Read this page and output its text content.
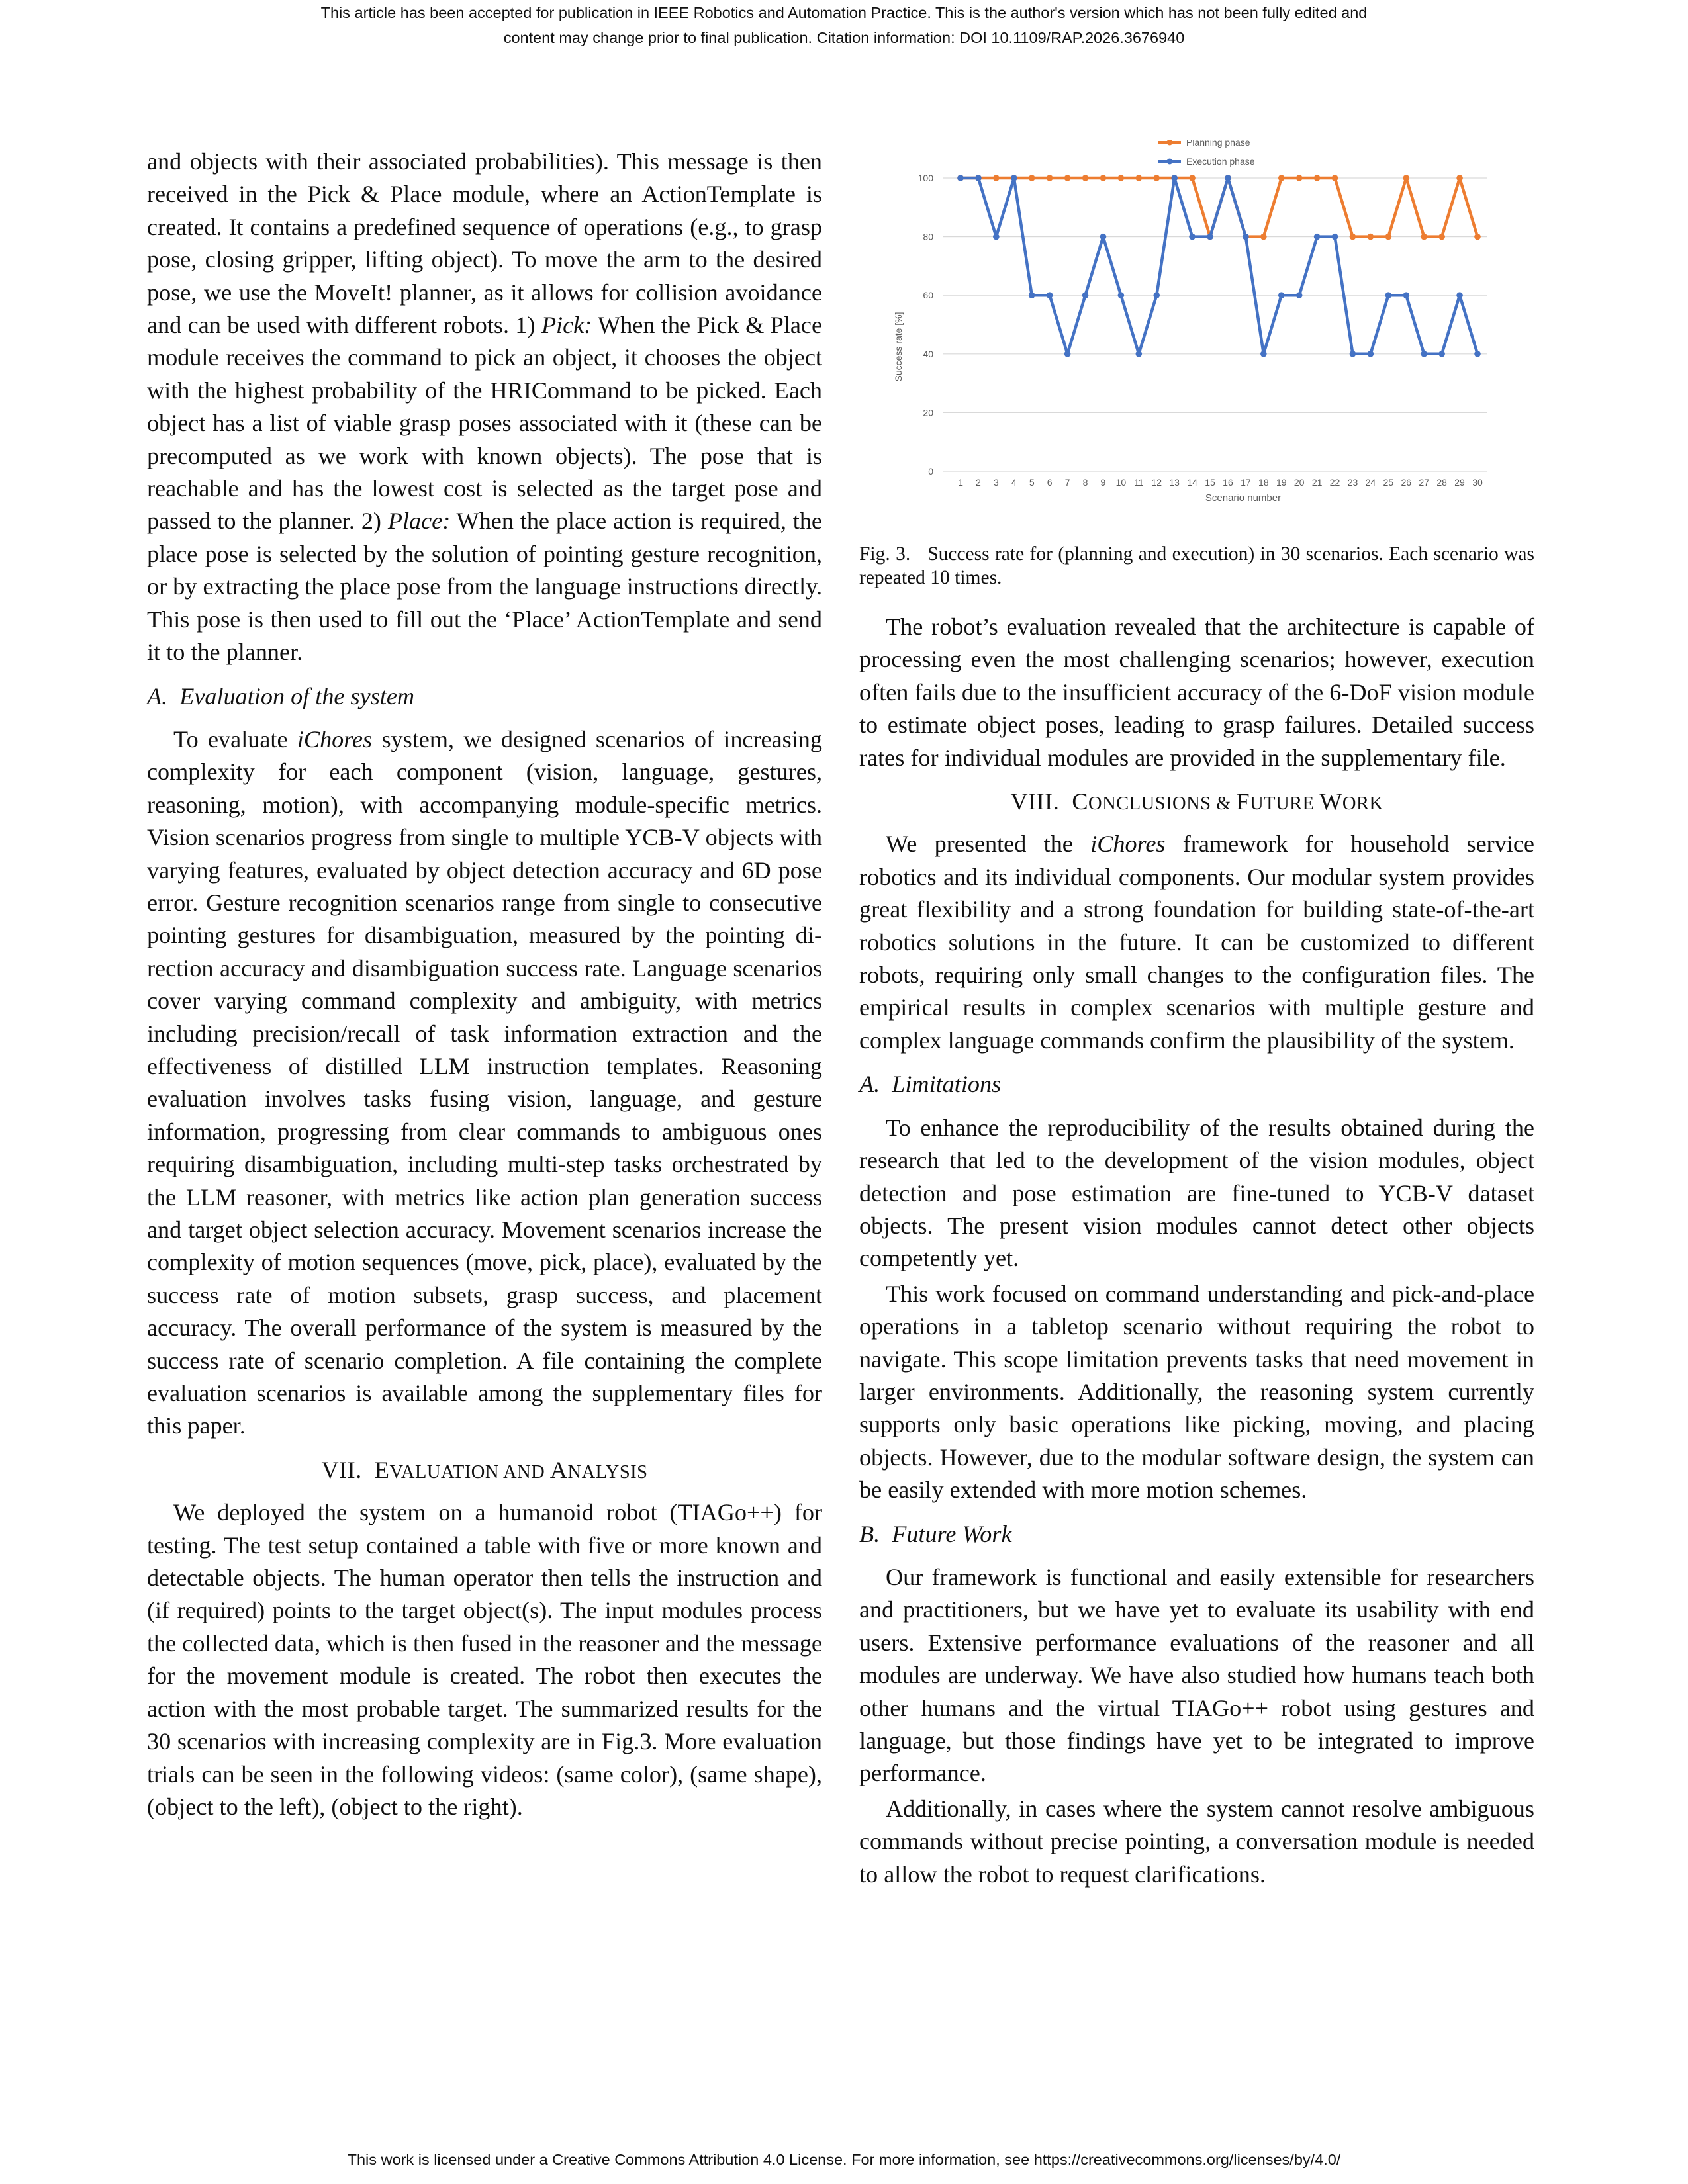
This article has been accepted for publication in IEEE Robotics and Automation Practice. This is the author's version which has not been fully edited and
content may change prior to final publication. Citation information: DOI 10.1109/RAP.2026.3676940

and objects with their associated probabilities). This message is then received in the Pick & Place module, where an ActionTemplate is created. It contains a predefined sequence of operations (e.g., to grasp pose, closing gripper, lifting object). To move the arm to the desired pose, we use the MoveIt! planner, as it allows for collision avoidance and can be used with different robots. 1) Pick: When the Pick & Place module receives the command to pick an object, it chooses the object with the highest probability of the HRICommand to be picked. Each object has a list of viable grasp poses associated with it (these can be precomputed as we work with known objects). The pose that is reachable and has the lowest cost is selected as the target pose and passed to the planner. 2) Place: When the place action is required, the place pose is selected by the solution of pointing gesture recognition, or by extracting the place pose from the language instructions directly. This pose is then used to fill out the ‘Place’ ActionTemplate and send it to the planner.

A. Evaluation of the system

To evaluate iChores system, we designed scenarios of increasing complexity for each component (vision, language, gestures, reasoning, motion), with accompanying module-specific metrics. Vision scenarios progress from single to multiple YCB-V objects with varying features, evaluated by object detection accuracy and 6D pose error. Gesture recognition scenarios range from single to consecutive pointing gestures for disambiguation, measured by the pointing direction accuracy and disambiguation success rate. Language scenarios cover varying command complexity and ambiguity, with metrics including precision/recall of task information extraction and the effectiveness of distilled LLM instruction templates. Reasoning evaluation involves tasks fusing vision, language, and gesture information, progressing from clear commands to ambiguous ones requiring disambiguation, including multi-step tasks orchestrated by the LLM reasoner, with metrics like action plan generation success and target object selection accuracy. Movement scenarios increase the complexity of motion sequences (move, pick, place), evaluated by the success rate of motion subsets, grasp success, and placement accuracy. The overall performance of the system is measured by the success rate of scenario completion. A file containing the complete evaluation scenarios is available among the supplementary files for this paper.

VII. EVALUATION AND ANALYSIS

We deployed the system on a humanoid robot (TIAGo++) for testing. The test setup contained a table with five or more known and detectable objects. The human operator then tells the instruction and (if required) points to the target object(s). The input modules process the collected data, which is then fused in the reasoner and the message for the movement module is created. The robot then executes the action with the most probable target. The summarized results for the 30 scenarios with increasing complexity are in Fig.3. More evaluation trials can be seen in the following videos: (same color), (same shape), (object to the left), (object to the right).

0
20
40
60
80
100
1 2 3 4 5 6 7 8 9 10 11 12 13 14 15 16 17 18 19 20 21 22 23 24 25 26 27 28 29 30
Planning phase
Execution phase
Success rate [%]
Scenario number
Fig. 3. Success rate for (planning and execution) in 30 scenarios. Each scenario was repeated 10 times.

The robot’s evaluation revealed that the architecture is capable of processing even the most challenging scenarios; however, execution often fails due to the insufficient accuracy of the 6-DoF vision module to estimate object poses, leading to grasp failures. Detailed success rates for individual modules are provided in the supplementary file.

VIII. CONCLUSIONS & FUTURE WORK

We presented the iChores framework for household service robotics and its individual components. Our modular system provides great flexibility and a strong foundation for building state-of-the-art robotics solutions in the future. It can be customized to different robots, requiring only small changes to the configuration files. The empirical results in complex scenarios with multiple gesture and complex language commands confirm the plausibility of the system.

A. Limitations

To enhance the reproducibility of the results obtained during the research that led to the development of the vision modules, object detection and pose estimation are fine-tuned to YCB-V dataset objects. The present vision modules cannot detect other objects competently yet.

This work focused on command understanding and pick-and-place operations in a tabletop scenario without requiring the robot to navigate. This scope limitation prevents tasks that need movement in larger environments. Additionally, the reasoning system currently supports only basic operations like picking, moving, and placing objects. However, due to the modular software design, the system can be easily extended with more motion schemes.

B. Future Work

Our framework is functional and easily extensible for researchers and practitioners, but we have yet to evaluate its usability with end users. Extensive performance evaluations of the reasoner and all modules are underway. We have also studied how humans teach both other humans and the virtual TIAGo++ robot using gestures and language, but those findings have yet to be integrated to improve performance.

Additionally, in cases where the system cannot resolve ambiguous commands without precise pointing, a conversation module is needed to allow the robot to request clarifications.

This work is licensed under a Creative Commons Attribution 4.0 License. For more information, see https://creativecommons.org/licenses/by/4.0/
